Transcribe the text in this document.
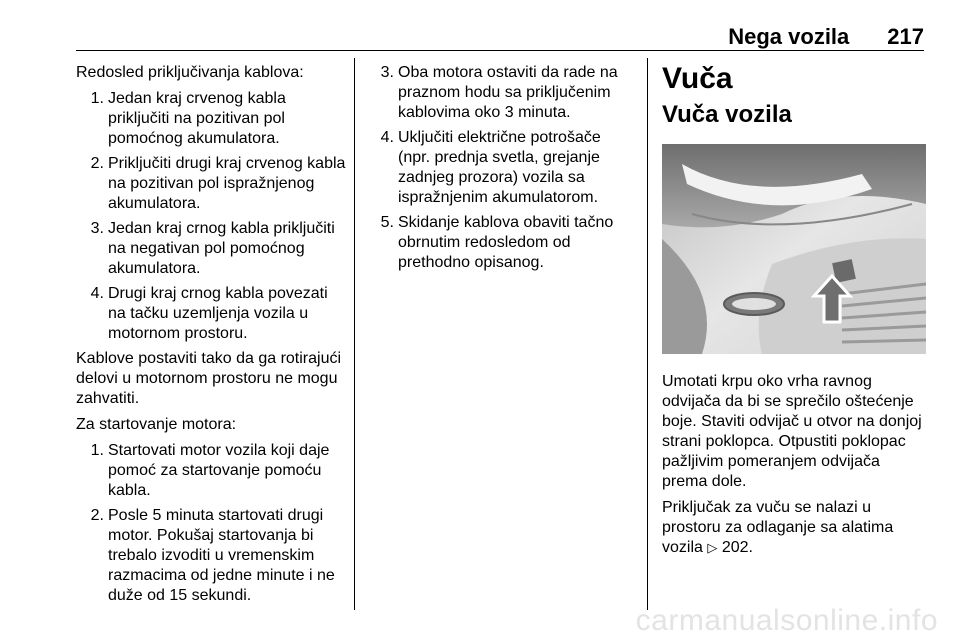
Nega vozila 217

Redosled priključivanja kablova:

1. Jedan kraj crvenog kabla priključiti na pozitivan pol pomoćnog akumulatora.
2. Priključiti drugi kraj crvenog kabla na pozitivan pol ispražnjenog akumulatora.
3. Jedan kraj crnog kabla priključiti na negativan pol pomoćnog akumulatora.
4. Drugi kraj crnog kabla povezati na tačku uzemljenja vozila u motornom prostoru.

Kablove postaviti tako da ga rotirajući delovi u motornom prostoru ne mogu zahvatiti.

Za startovanje motora:

1. Startovati motor vozila koji daje pomoć za startovanje pomoću kabla.
2. Posle 5 minuta startovati drugi motor. Pokušaj startovanja bi trebalo izvoditi u vremenskim razmacima od jedne minute i ne duže od 15 sekundi.
3. Oba motora ostaviti da rade na praznom hodu sa priključenim kablovima oko 3 minuta.
4. Uključiti električne potrošače (npr. prednja svetla, grejanje zadnjeg prozora) vozila sa ispražnjenim akumulatorom.
5. Skidanje kablova obaviti tačno obrnutim redosledom od prethodno opisanog.
Vuča
Vuča vozila

Umotati krpu oko vrha ravnog odvijača da bi se sprečilo oštećenje boje. Staviti odvijač u otvor na donjoj strani poklopca. Otpustiti poklopac pažljivim pomeranjem odvijača prema dole.

Priključak za vuču se nalazi u prostoru za odlaganje sa alatima vozila ▷ 202.

carmanualsonline.info
